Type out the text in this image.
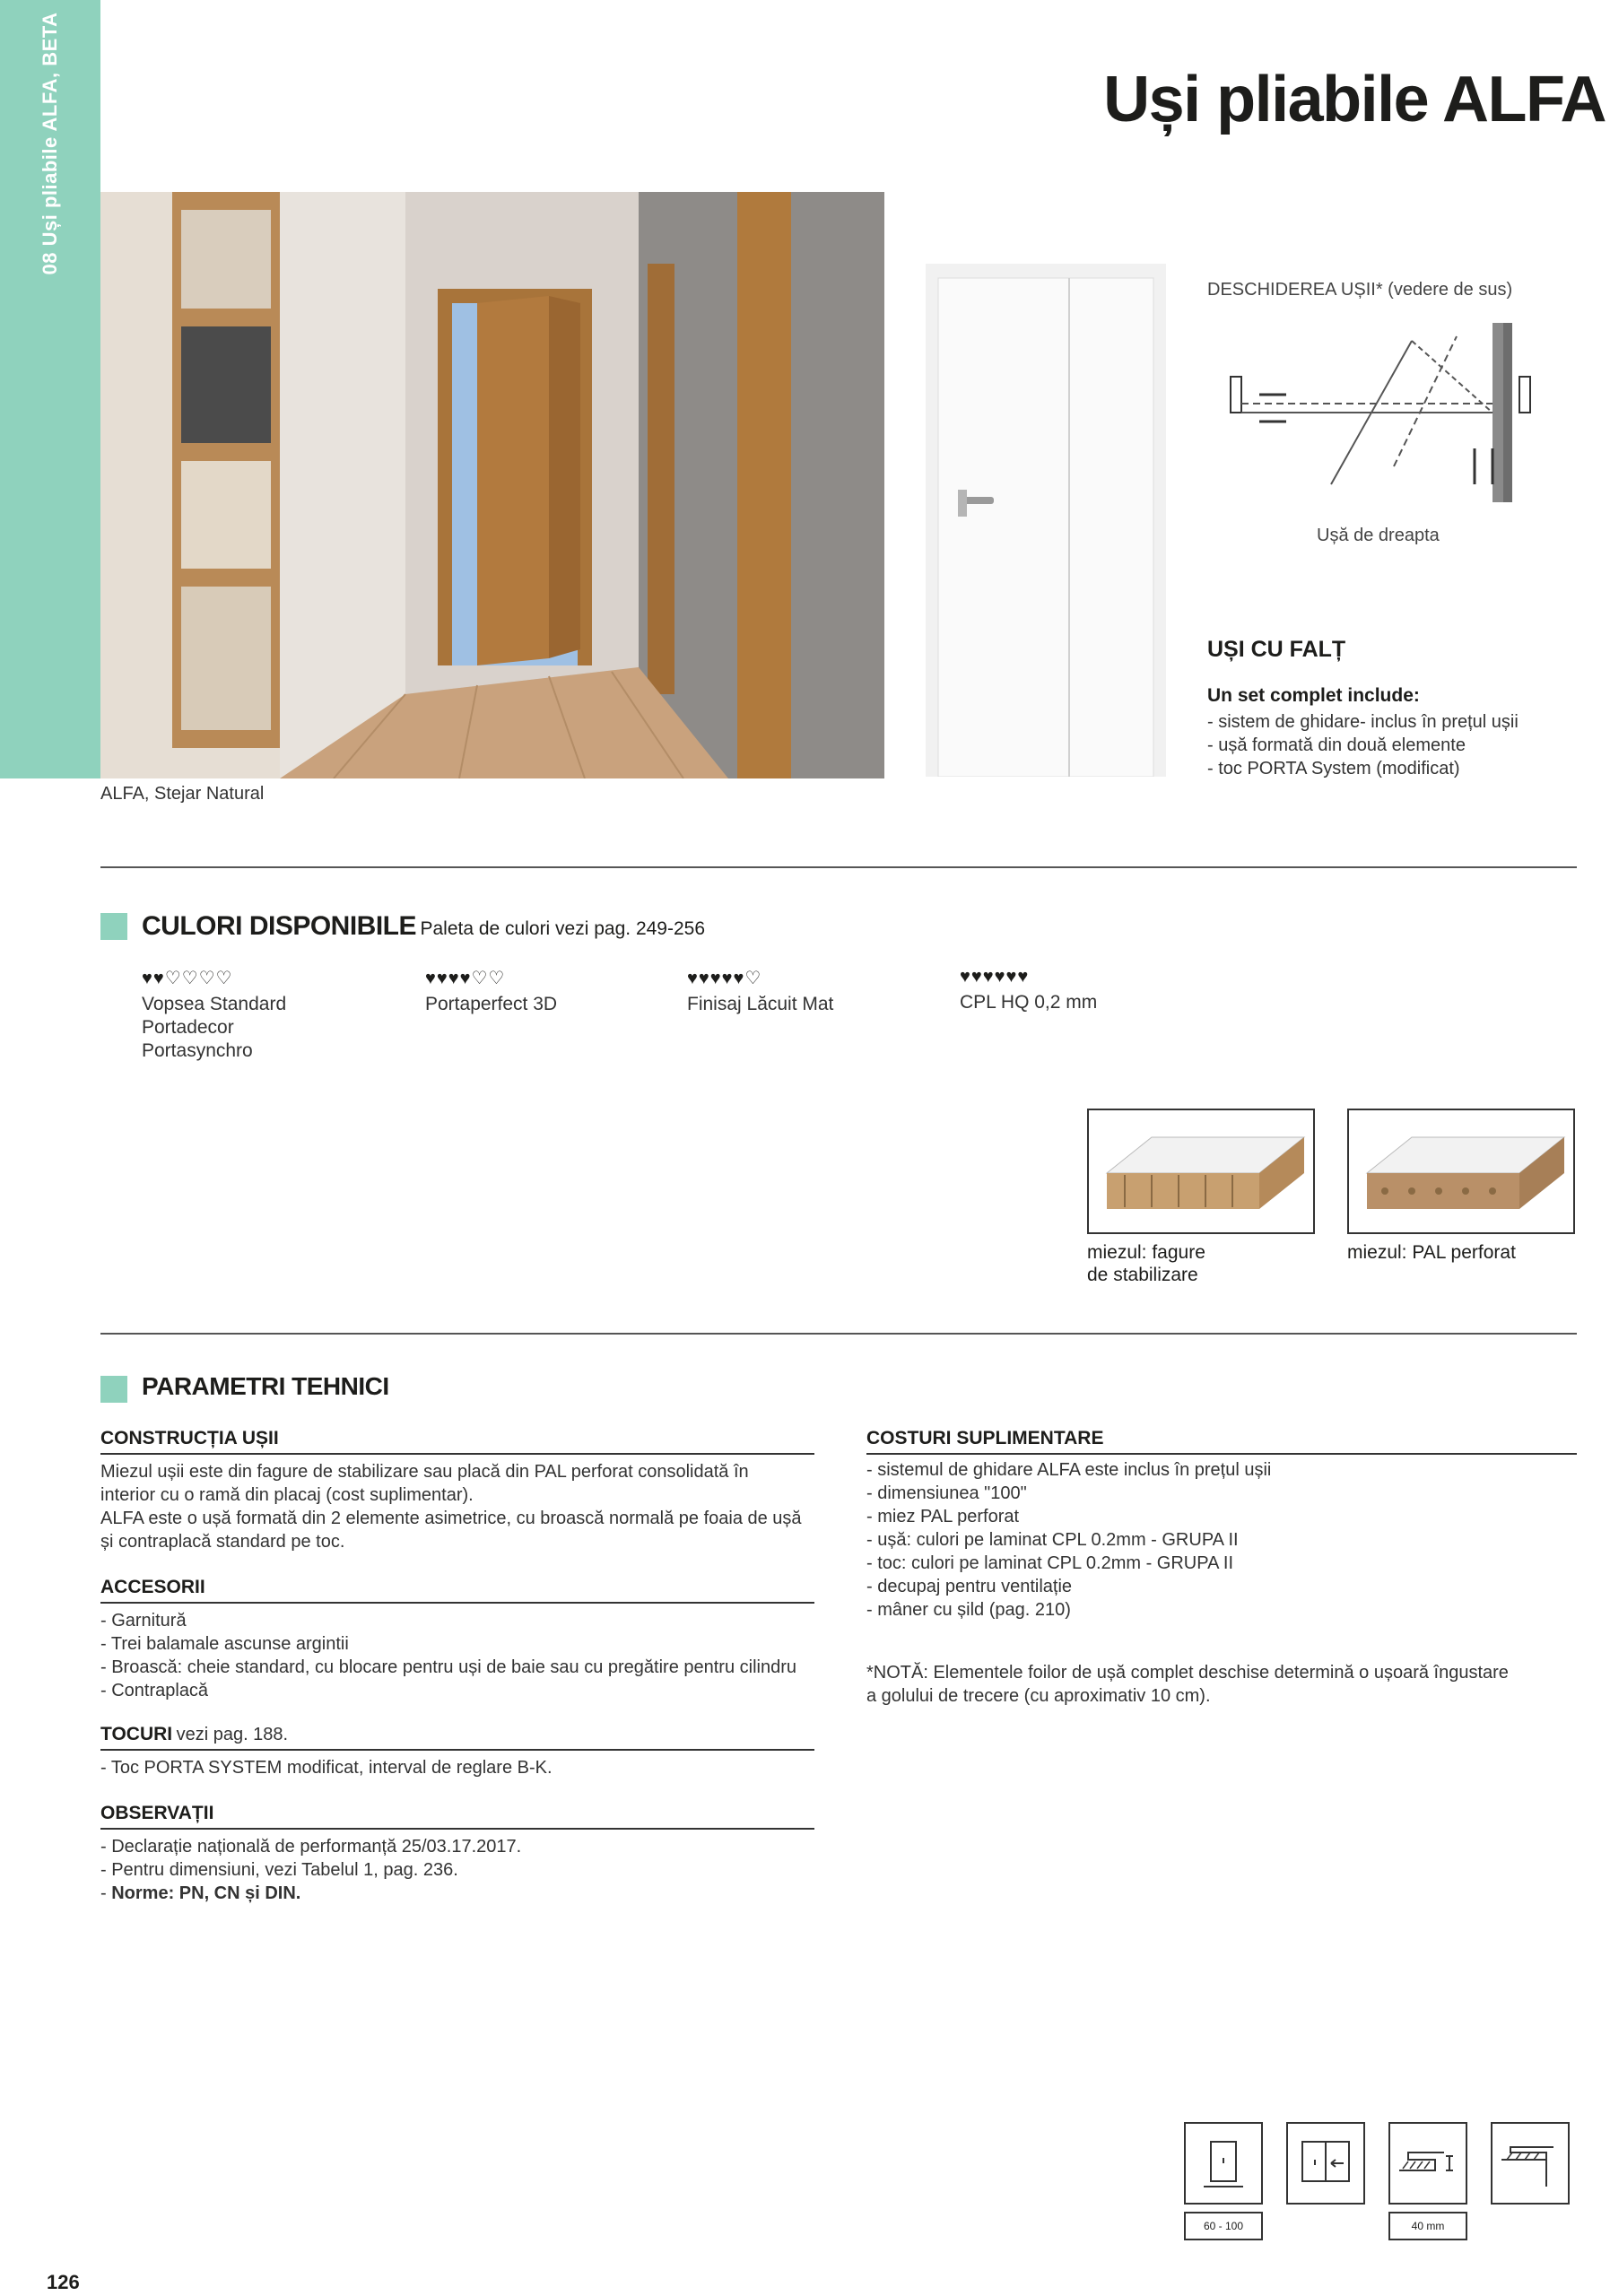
08 Uși pliabile ALFA, BETA	Uși pliabile ALFA
ALFA, Stejar Natural
DESCHIDEREA UȘII* (vedere de sus)
Ușă de dreapta
UȘI CU FALȚ
Un set complet include:
- sistem de ghidare- inclus în prețul ușii
- ușă formată din două elemente
- toc PORTA System (modificat)
CULORI DISPONIBILE Paleta de culori vezi pag. 249-256
♥♥♡♡♡♡
Vopsea Standard
Portadecor
Portasynchro
♥♥♥♥♡♡
Portaperfect 3D
♥♥♥♥♥♡
Finisaj Lăcuit Mat
♥♥♥♥♥♥
CPL HQ 0,2 mm
miezul: fagure
de stabilizare
miezul: PAL perforat
PARAMETRI TEHNICI
CONSTRUCȚIA UȘII
Miezul ușii este din fagure de stabilizare sau placă din PAL perforat consolidată în
interior cu o ramă din placaj (cost suplimentar).
ALFA este o ușă formată din 2 elemente asimetrice, cu broască normală pe foaia de ușă
și contraplacă standard pe toc.
ACCESORII
- Garnitură
- Trei balamale ascunse argintii
- Broască: cheie standard, cu blocare pentru uși de baie sau cu pregătire pentru cilindru
- Contraplacă
TOCURI vezi pag. 188.
- Toc PORTA SYSTEM modificat, interval de reglare B-K.
OBSERVAȚII
- Declarație națională de performanță 25/03.17.2017.
- Pentru dimensiuni, vezi Tabelul 1, pag. 236.
- Norme: PN, CN și DIN.
COSTURI SUPLIMENTARE
- sistemul de ghidare ALFA este inclus în prețul ușii
- dimensiunea "100"
- miez PAL perforat
- ușă: culori pe laminat CPL 0.2mm - GRUPA II
- toc: culori pe laminat CPL 0.2mm - GRUPA II
- decupaj pentru ventilație
- mâner cu șild (pag. 210)
*NOTĂ: Elementele foilor de ușă complet deschise determină o ușoară îngustare
a golului de trecere (cu aproximativ 10 cm).
60 - 100	40 mm
126
